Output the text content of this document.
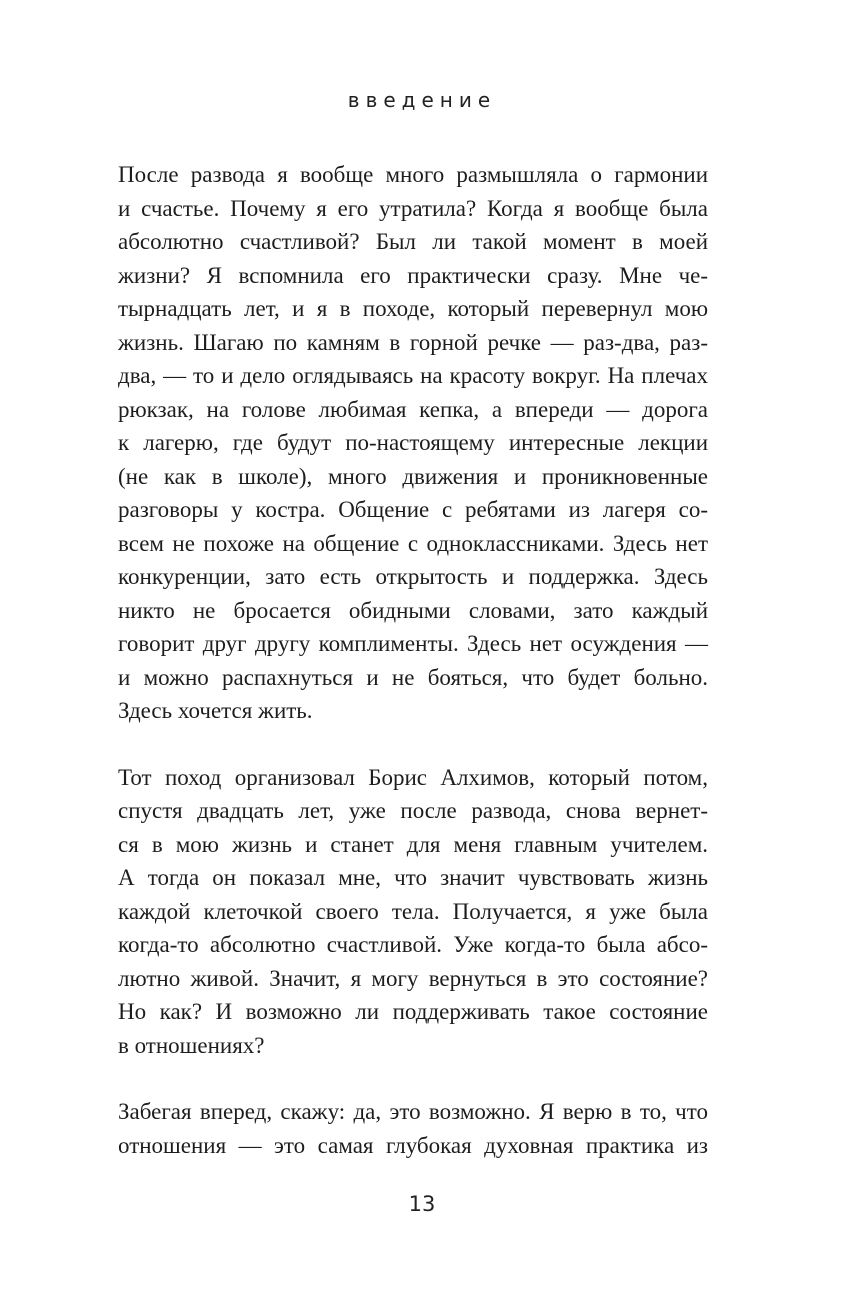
введение

После развода я вообще много размышляла о гармонии
и счастье. Почему я его утратила? Когда я вообще была
абсолютно счастливой? Был ли такой момент в моей
жизни? Я вспомнила его практически сразу. Мне че-
тырнадцать лет, и я в походе, который перевернул мою
жизнь. Шагаю по камням в горной речке — раз-два, раз-
два, — то и дело оглядываясь на красоту вокруг. На плечах
рюкзак, на голове любимая кепка, а впереди — дорога
к лагерю, где будут по-настоящему интересные лекции
(не как в школе), много движения и проникновенные
разговоры у костра. Общение с ребятами из лагеря со-
всем не похоже на общение с одноклассниками. Здесь нет
конкуренции, зато есть открытость и поддержка. Здесь
никто не бросается обидными словами, зато каждый
говорит друг другу комплименты. Здесь нет осуждения —
и можно распахнуться и не бояться, что будет больно.
Здесь хочется жить.

Тот поход организовал Борис Алхимов, который потом,
спустя двадцать лет, уже после развода, снова вернет-
ся в мою жизнь и станет для меня главным учителем.
А тогда он показал мне, что значит чувствовать жизнь
каждой клеточкой своего тела. Получается, я уже была
когда-то абсолютно счастливой. Уже когда-то была абсо-
лютно живой. Значит, я могу вернуться в это состояние?
Но как? И возможно ли поддерживать такое состояние
в отношениях?

Забегая вперед, скажу: да, это возможно. Я верю в то, что
отношения — это самая глубокая духовная практика из

13
